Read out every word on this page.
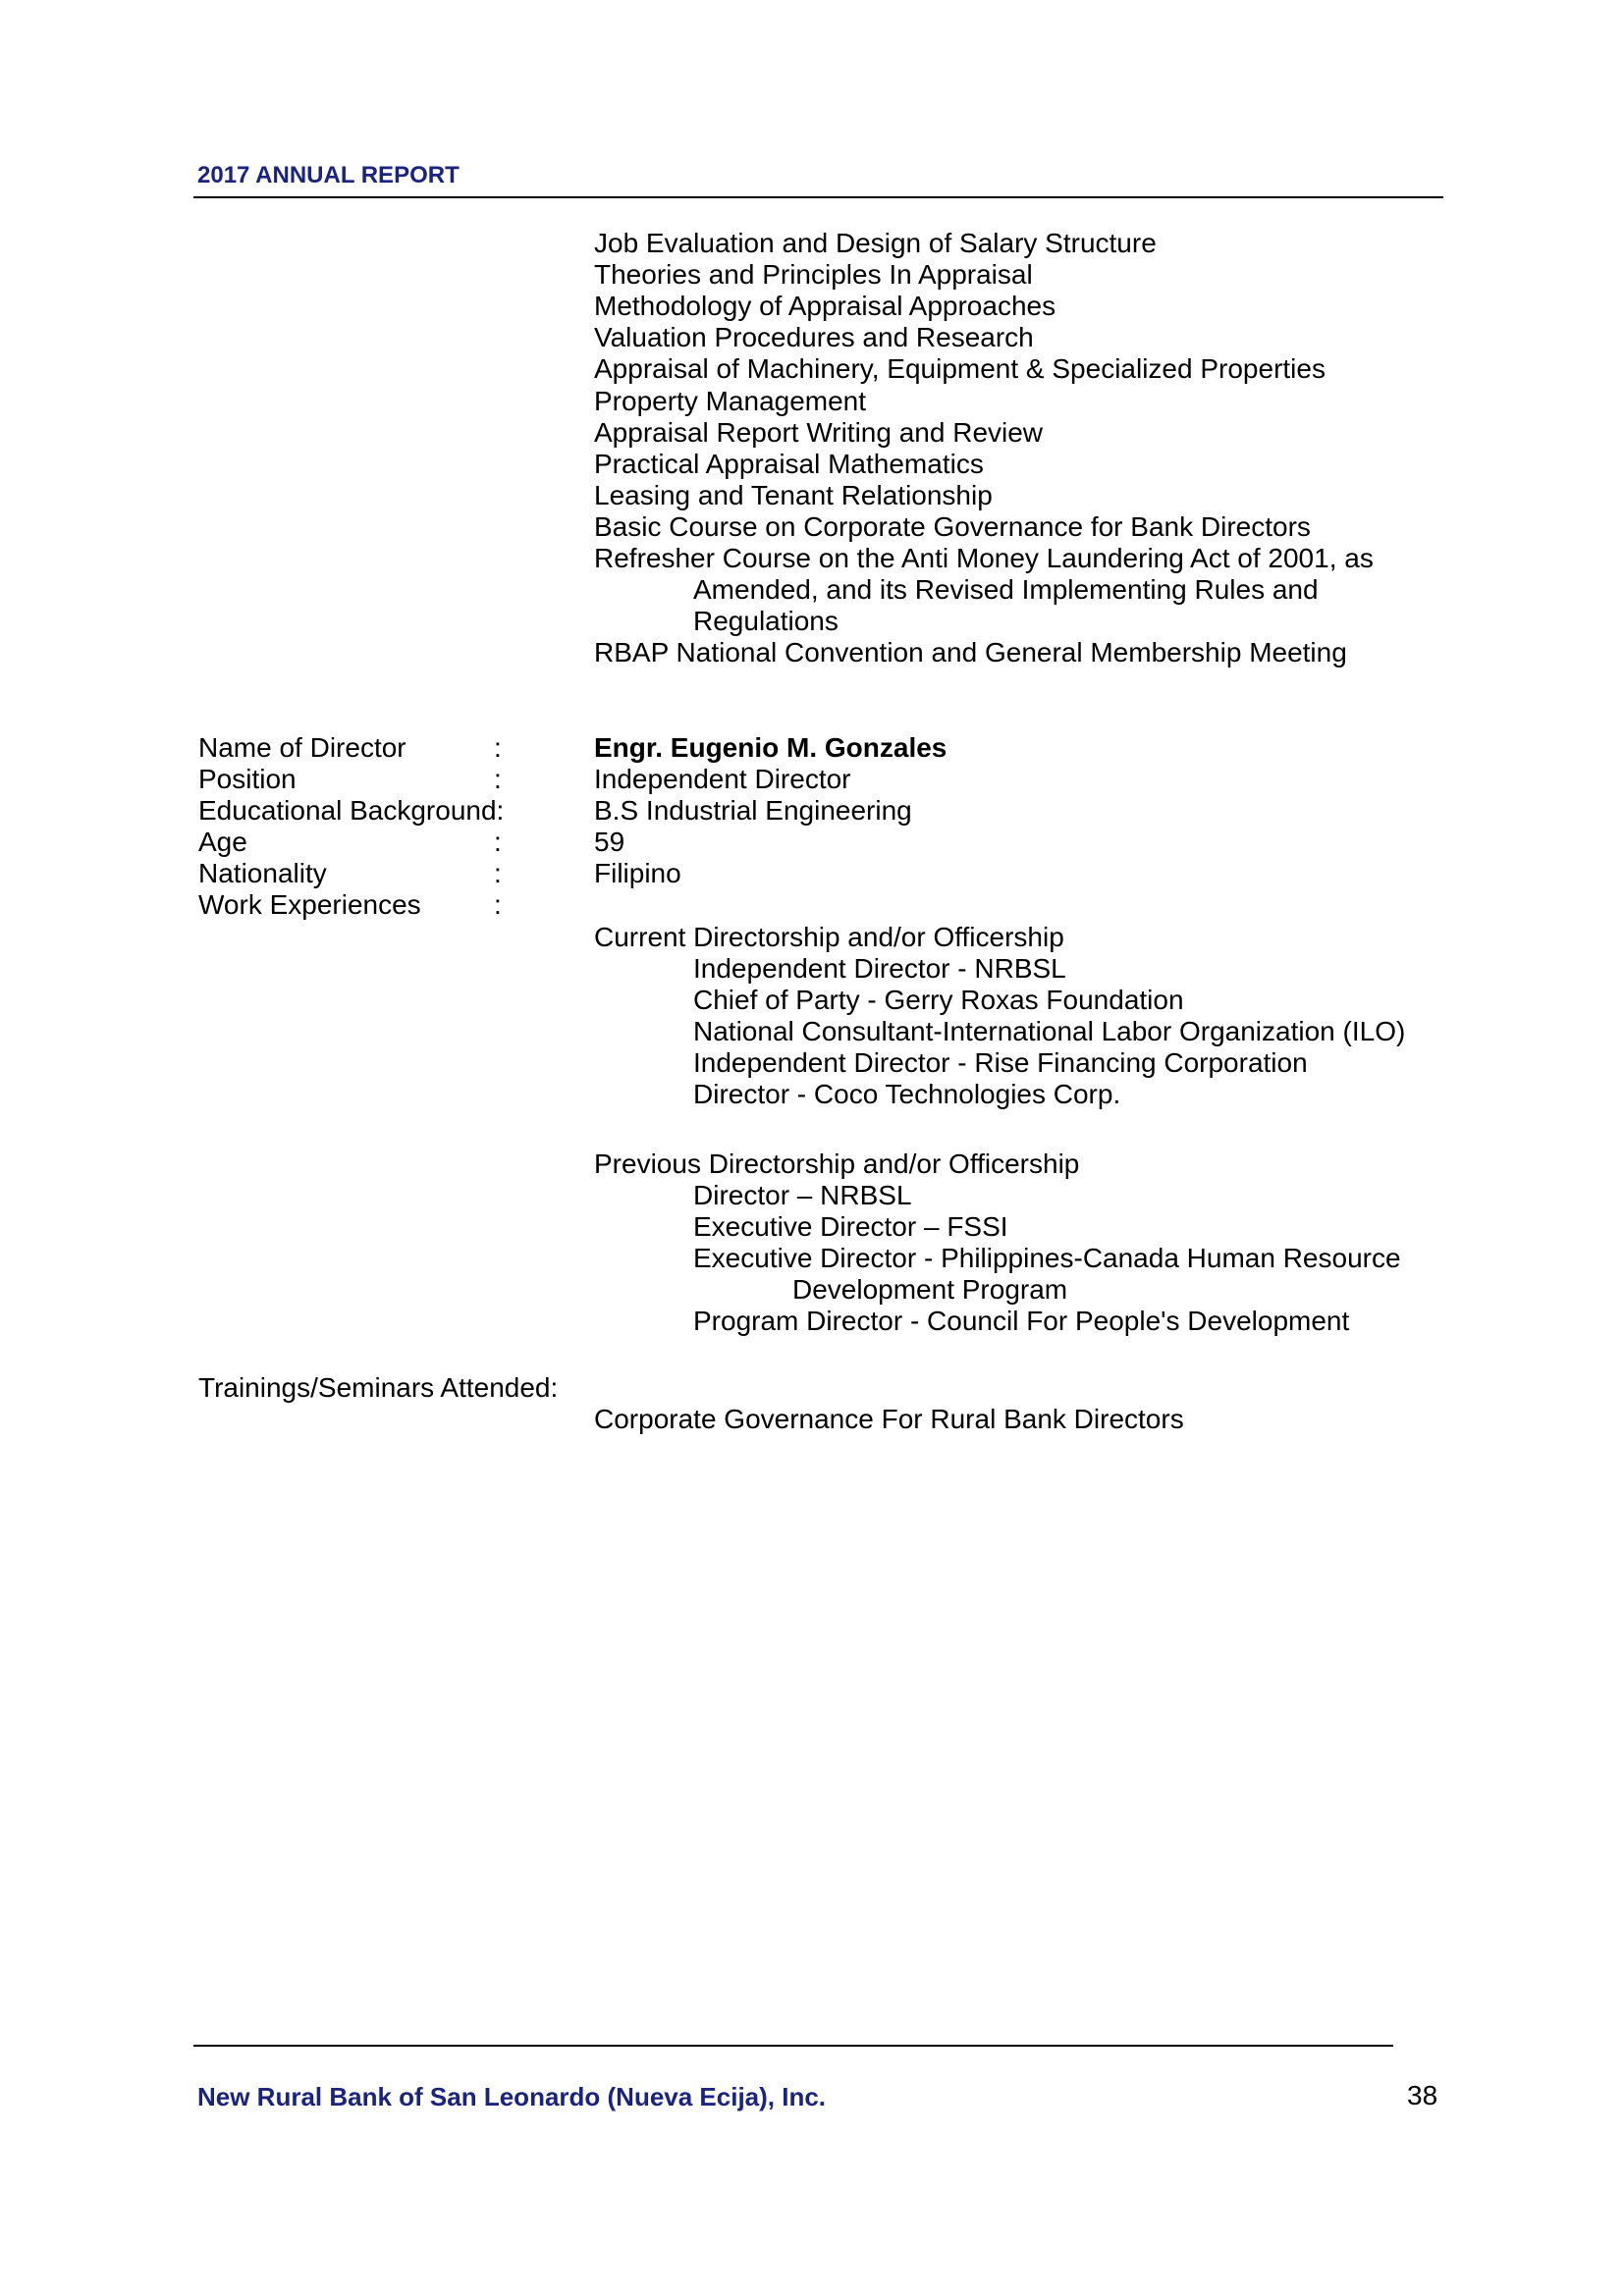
2017 ANNUAL REPORT
Job Evaluation and Design of Salary Structure
Theories and Principles In Appraisal
Methodology of Appraisal Approaches
Valuation Procedures and Research
Appraisal of Machinery, Equipment & Specialized Properties
Property Management
Appraisal Report Writing and Review
Practical Appraisal Mathematics
Leasing and Tenant Relationship
Basic Course on Corporate Governance for Bank Directors
Refresher Course on the Anti Money Laundering Act of 2001, as
Amended, and its Revised Implementing Rules and
Regulations
RBAP National Convention and General Membership Meeting
Name of Director	:	Engr. Eugenio M. Gonzales
Position	:	Independent Director
Educational Background:	B.S Industrial Engineering
Age	:	59
Nationality	:	Filipino
Work Experiences	:
Current Directorship and/or Officership
Independent Director - NRBSL
Chief of Party - Gerry Roxas Foundation
National Consultant-International Labor Organization (ILO)
Independent Director - Rise Financing Corporation
Director - Coco Technologies Corp.
Previous Directorship and/or Officership
Director – NRBSL
Executive Director – FSSI
Executive Director - Philippines-Canada Human Resource
Development Program
Program Director - Council For People's Development
Trainings/Seminars Attended:
Corporate Governance For Rural Bank Directors
New Rural Bank of San Leonardo (Nueva Ecija), Inc.	38
